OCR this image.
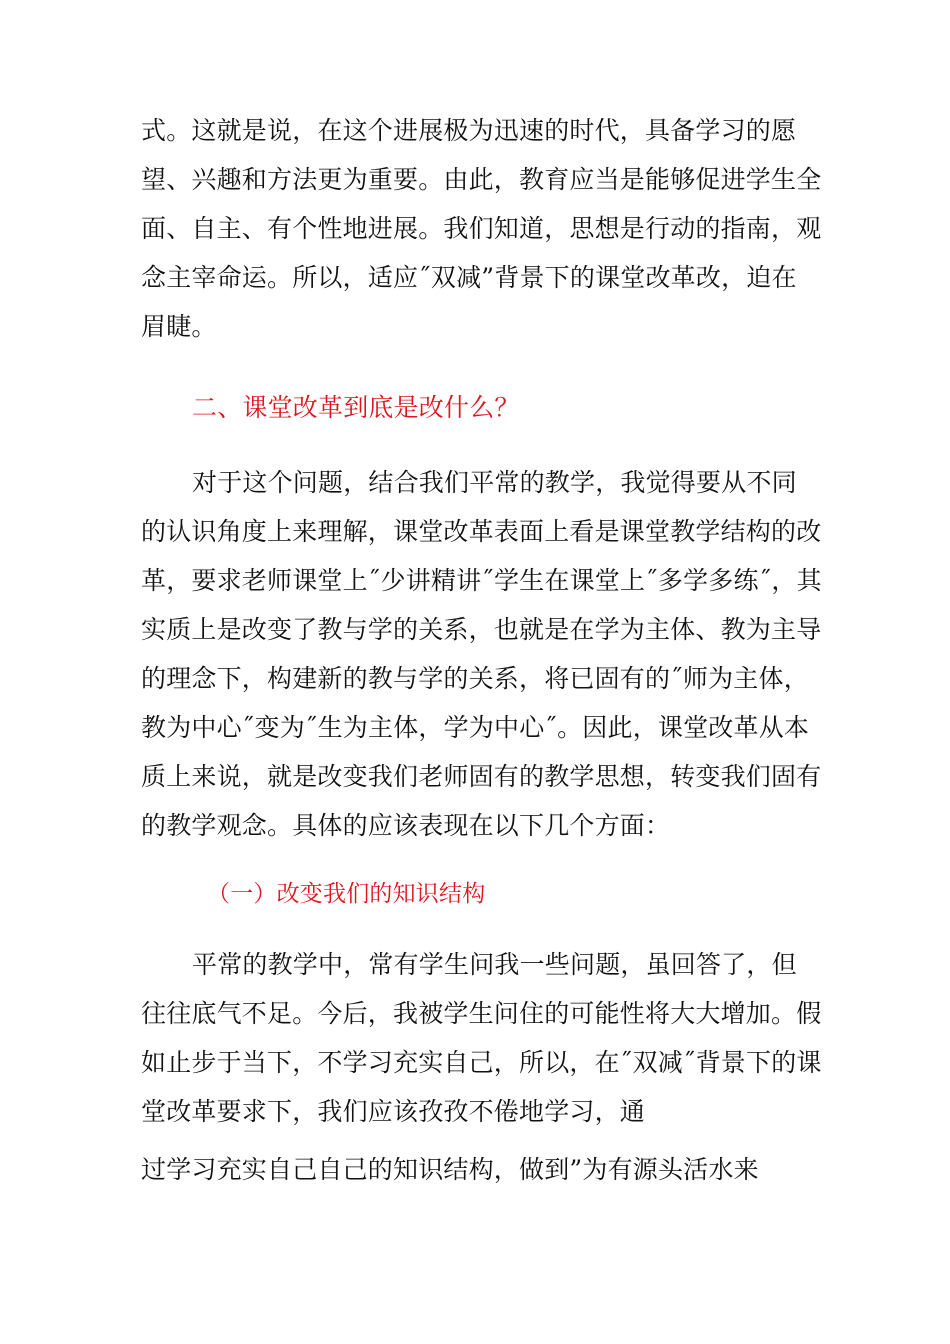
式。这就是说，在这个进展极为迅速的时代，具备学习的愿
望、兴趣和方法更为重要。由此，教育应当是能够促进学生全
面、自主、有个性地进展。我们知道，思想是行动的指南，观
念主宰命运。所以，适应˝双减”背景下的课堂改革改，迫在
眉睫。
二、课堂改革到底是改什么？
对于这个问题，结合我们平常的教学，我觉得要从不同
的认识角度上来理解，课堂改革表面上看是课堂教学结构的改
革，要求老师课堂上˝少讲精讲˝学生在课堂上˝多学多练˝，其
实质上是改变了教与学的关系，也就是在学为主体、教为主导
的理念下，构建新的教与学的关系，将已固有的˝师为主体，
教为中心˝变为˝生为主体，学为中心˝。因此，课堂改革从本
质上来说，就是改变我们老师固有的教学思想，转变我们固有
的教学观念。具体的应该表现在以下几个方面：
（一）改变我们的知识结构
平常的教学中，常有学生问我一些问题，虽回答了，但
往往底气不足。今后，我被学生问住的可能性将大大增加。假
如止步于当下，不学习充实自己，所以，在˝双减˝背景下的课
堂改革要求下，我们应该孜孜不倦地学习，通
过学习充实自己自己的知识结构，做到”为有源头活水来
